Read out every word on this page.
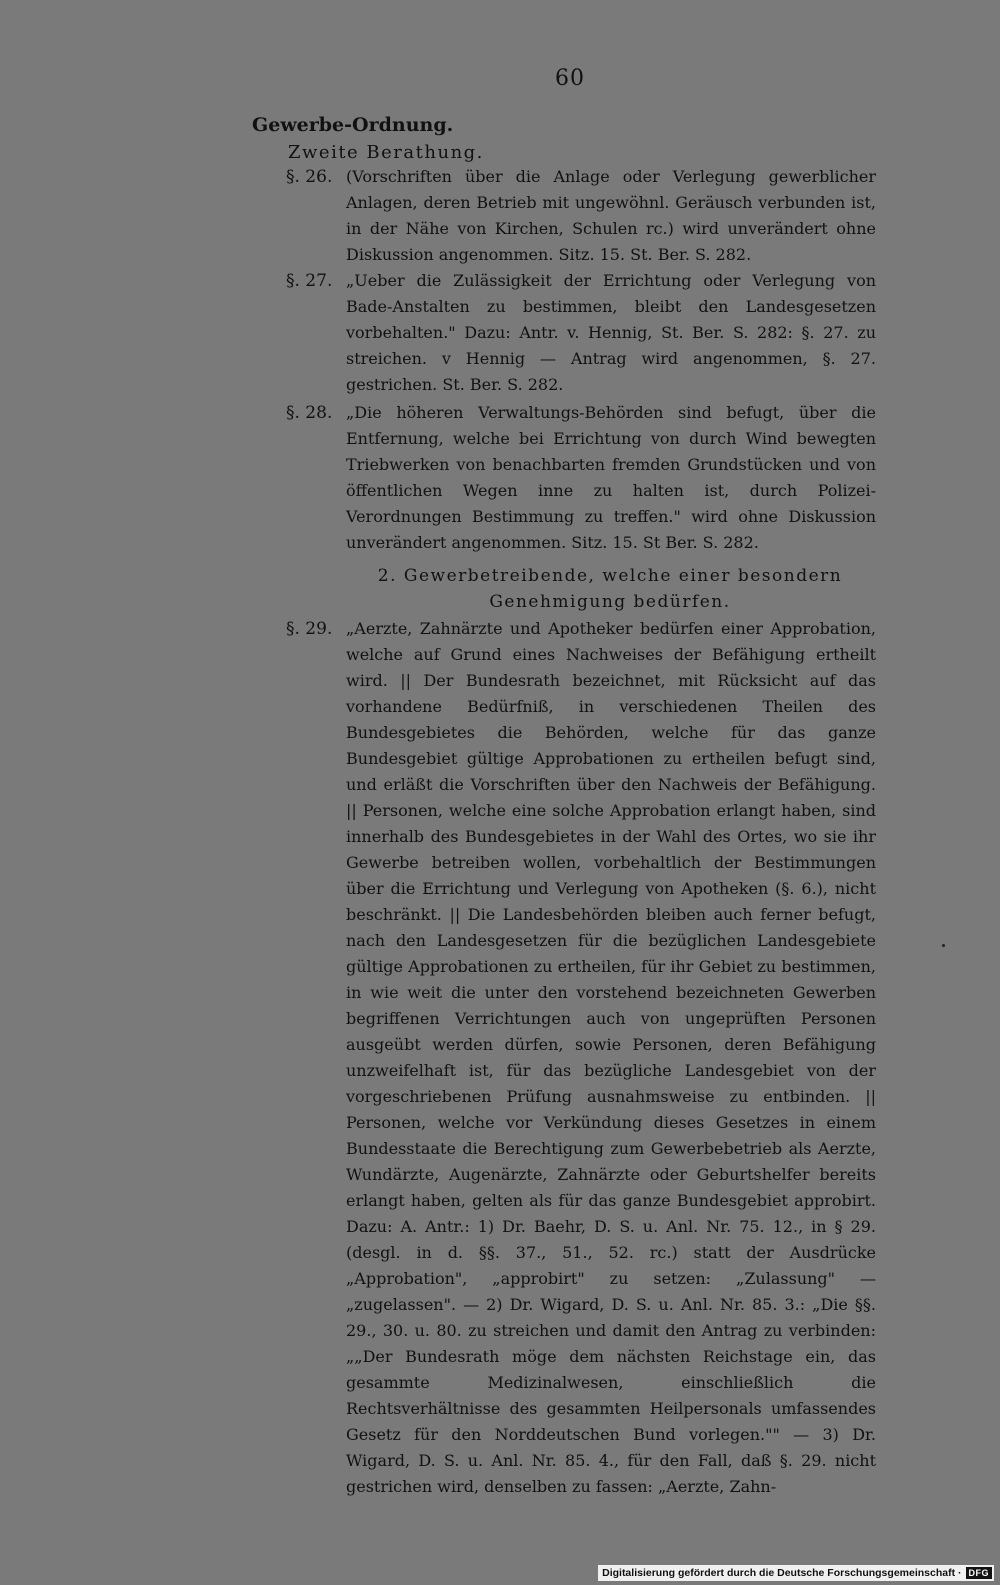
60
Gewerbe-Ordnung.
Zweite Berathung.
§. 26. (Vorschriften über die Anlage oder Verlegung gewerblicher Anlagen, deren Betrieb mit ungewöhnl. Geräusch verbunden ist, in der Nähe von Kirchen, Schulen rc.) wird unverändert ohne Diskussion angenommen. Sitz. 15. St. Ber. S. 282.
§. 27. „Ueber die Zulässigkeit der Errichtung oder Verlegung von Bade-Anstalten zu bestimmen, bleibt den Landesgesetzen vorbehalten." Dazu: Antr. v. Hennig, St. Ber. S. 282: §. 27. zu streichen. v Hennig — Antrag wird angenommen, §. 27. gestrichen. St. Ber. S. 282.
§. 28. „Die höheren Verwaltungs-Behörden sind befugt, über die Entfernung, welche bei Errichtung von durch Wind bewegten Triebwerken von benachbarten fremden Grundstücken und von öffentlichen Wegen inne zu halten ist, durch Polizei-Verordnungen Bestimmung zu treffen." wird ohne Diskussion unverändert angenommen. Sitz. 15. St Ber. S. 282.
2. Gewerbetreibende, welche einer besondern Genehmigung bedürfen.
§. 29. „Aerzte, Zahnärzte und Apotheker bedürfen einer Approbation, welche auf Grund eines Nachweises der Befähigung ertheilt wird. || Der Bundesrath bezeichnet, mit Rücksicht auf das vorhandene Bedürfniß, in verschiedenen Theilen des Bundesgebietes die Behörden, welche für das ganze Bundesgebiet gültige Approbationen zu ertheilen befugt sind, und erläßt die Vorschriften über den Nachweis der Befähigung. || Personen, welche eine solche Approbation erlangt haben, sind innerhalb des Bundesgebietes in der Wahl des Ortes, wo sie ihr Gewerbe betreiben wollen, vorbehaltlich der Bestimmungen über die Errichtung und Verlegung von Apotheken (§. 6.), nicht beschränkt. || Die Landesbehörden bleiben auch ferner befugt, nach den Landesgesetzen für die bezüglichen Landesgebiete gültige Approbationen zu ertheilen, für ihr Gebiet zu bestimmen, in wie weit die unter den vorstehend bezeichneten Gewerben begriffenen Verrichtungen auch von ungeprüften Personen ausgeübt werden dürfen, sowie Personen, deren Befähigung unzweifelhaft ist, für das bezügliche Landesgebiet von der vorgeschriebenen Prüfung ausnahmsweise zu entbinden. || Personen, welche vor Verkündung dieses Gesetzes in einem Bundesstaate die Berechtigung zum Gewerbebetrieb als Aerzte, Wundärzte, Augenärzte, Zahnärzte oder Geburtshelfer bereits erlangt haben, gelten als für das ganze Bundesgebiet approbirt. Dazu: A. Antr.: 1) Dr. Baehr, D. S. u. Anl. Nr. 75. 12., in § 29. (desgl. in d. §§. 37., 51., 52. rc.) statt der Ausdrücke „Approbation", „approbirt" zu setzen: „Zulassung" — „zugelassen". — 2) Dr. Wigard, D. S. u. Anl. Nr. 85. 3.: „Die §§. 29., 30. u. 80. zu streichen und damit den Antrag zu verbinden: „„Der Bundesrath möge dem nächsten Reichstage ein, das gesammte Medizinalwesen, einschließlich die Rechtsverhältnisse des gesammten Heilpersonals umfassendes Gesetz für den Norddeutschen Bund vorlegen."" — 3) Dr. Wigard, D. S. u. Anl. Nr. 85. 4., für den Fall, daß §. 29. nicht gestrichen wird, denselben zu fassen: „Aerzte, Zahn-
Digitalisierung gefördert durch die Deutsche Forschungsgemeinschaft · DFG
